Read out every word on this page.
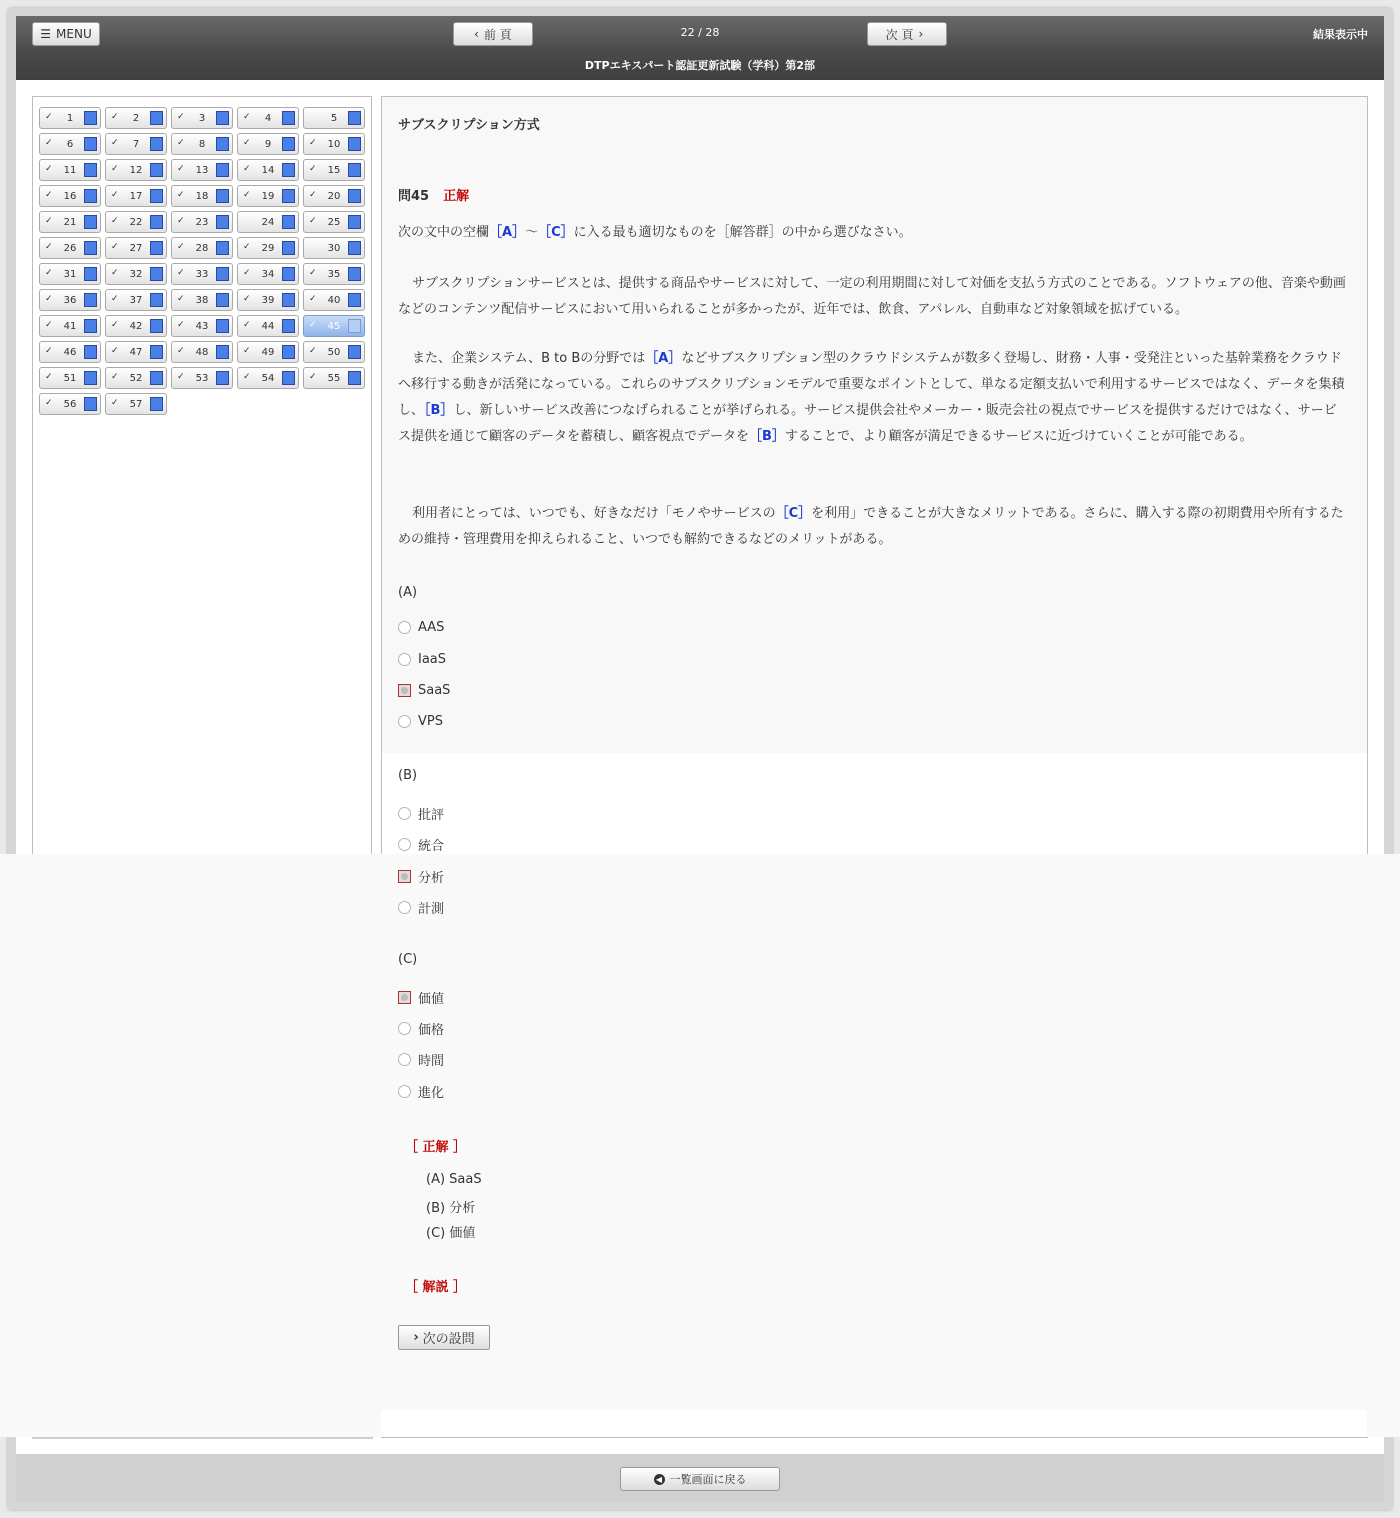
☰ MENU	‹ 前 頁	22 / 28	次 頁 ›	結果表示中
DTPエキスパート認証更新試験（学科）第2部
✓	1	✓	2	✓	3	✓	4	5
✓	6	✓	7	✓	8	✓	9	✓	10
✓	11	✓	12	✓	13	✓	14	✓	15
✓	16	✓	17	✓	18	✓	19	✓	20
✓	21	✓	22	✓	23	24	✓	25
✓	26	✓	27	✓	28	✓	29	30
✓	31	✓	32	✓	33	✓	34	✓	35
✓	36	✓	37	✓	38	✓	39	✓	40
✓	41	✓	42	✓	43	✓	44	✓	45
✓	46	✓	47	✓	48	✓	49	✓	50
✓	51	✓	52	✓	53	✓	54	✓	55
✓	56	✓	57
サブスクリプション方式
問45 正解
次の文中の空欄［A］〜［C］に入る最も適切なものを［解答群］の中から選びなさい。
サブスクリプションサービスとは、提供する商品やサービスに対して、一定の利用期間に対して対価を支払う方式のことである。ソフトウェアの他、音楽や動画などのコンテンツ配信サービスにおいて用いられることが多かったが、近年では、飲食、アパレル、自動車など対象領域を拡げている。
また、企業システム、B to Bの分野では［A］などサブスクリプション型のクラウドシステムが数多く登場し、財務・人事・受発注といった基幹業務をクラウドへ移行する動きが活発になっている。これらのサブスクリプションモデルで重要なポイントとして、単なる定額支払いで利用するサービスではなく、データを集積し、［B］し、新しいサービス改善につなげられることが挙げられる。サービス提供会社やメーカー・販売会社の視点でサービスを提供するだけではなく、サービス提供を通じて顧客のデータを蓄積し、顧客視点でデータを［B］することで、より顧客が満足できるサービスに近づけていくことが可能である。
利用者にとっては、いつでも、好きなだけ「モノやサービスの［C］を利用」できることが大きなメリットである。さらに、購入する際の初期費用や所有するための維持・管理費用を抑えられること、いつでも解約できるなどのメリットがある。
(A)
AAS
IaaS
SaaS
VPS
(B)
批評
統合
分析
計測
(C)
価値
価格
時間
進化
［ 正解 ］
(A) SaaS
(B) 分析
(C) 価値
［ 解説 ］
› 次の設問
◀ 一覧画面に戻る
